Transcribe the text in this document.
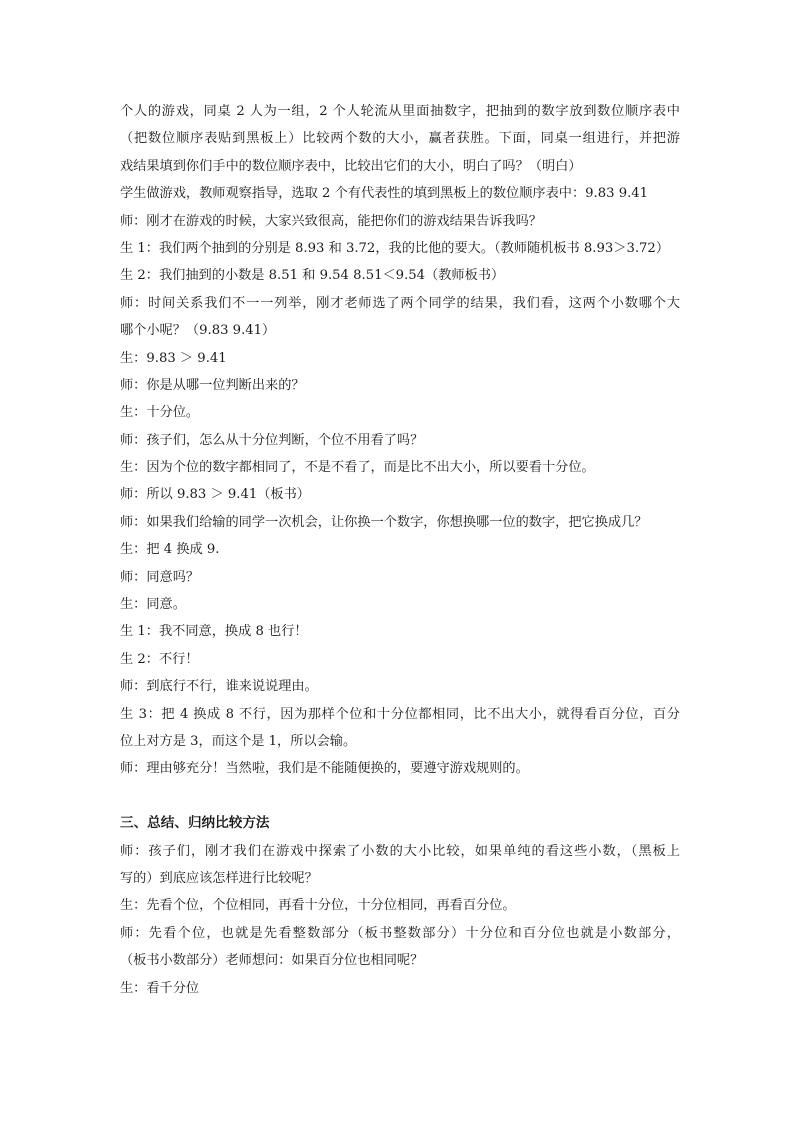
个人的游戏，同桌 2 人为一组，2 个人轮流从里面抽数字，把抽到的数字放到数位顺序表中
（把数位顺序表贴到黑板上）比较两个数的大小，赢者获胜。下面，同桌一组进行，并把游
戏结果填到你们手中的数位顺序表中，比较出它们的大小，明白了吗？（明白）
学生做游戏，教师观察指导，选取 2 个有代表性的填到黑板上的数位顺序表中：9.83 9.41
师：刚才在游戏的时候，大家兴致很高，能把你们的游戏结果告诉我吗？
生 1：我们两个抽到的分别是 8.93 和 3.72，我的比他的要大。（教师随机板书 8.93＞3.72）
生 2：我们抽到的小数是 8.51 和 9.54 8.51＜9.54（教师板书）
师：时间关系我们不一一列举，刚才老师选了两个同学的结果，我们看，这两个小数哪个大
哪个小呢？（9.83 9.41）
生：9.83 ＞ 9.41
师：你是从哪一位判断出来的？
生：十分位。
师：孩子们，怎么从十分位判断，个位不用看了吗？
生：因为个位的数字都相同了，不是不看了，而是比不出大小，所以要看十分位。
师：所以 9.83 ＞ 9.41（板书）
师：如果我们给输的同学一次机会，让你换一个数字，你想换哪一位的数字，把它换成几？
生：把 4 换成 9.
师：同意吗？
生：同意。
生 1：我不同意，换成 8 也行！
生 2：不行！
师：到底行不行，谁来说说理由。
生 3：把 4 换成 8 不行，因为那样个位和十分位都相同，比不出大小，就得看百分位，百分
位上对方是 3，而这个是 1，所以会输。
师：理由够充分！当然啦，我们是不能随便换的，要遵守游戏规则的。
三、总结、归纳比较方法
师：孩子们，刚才我们在游戏中探索了小数的大小比较，如果单纯的看这些小数，（黑板上
写的）到底应该怎样进行比较呢？
生：先看个位，个位相同，再看十分位，十分位相同，再看百分位。
师：先看个位，也就是先看整数部分（板书整数部分）十分位和百分位也就是小数部分，
（板书小数部分）老师想问：如果百分位也相同呢？
生：看千分位
